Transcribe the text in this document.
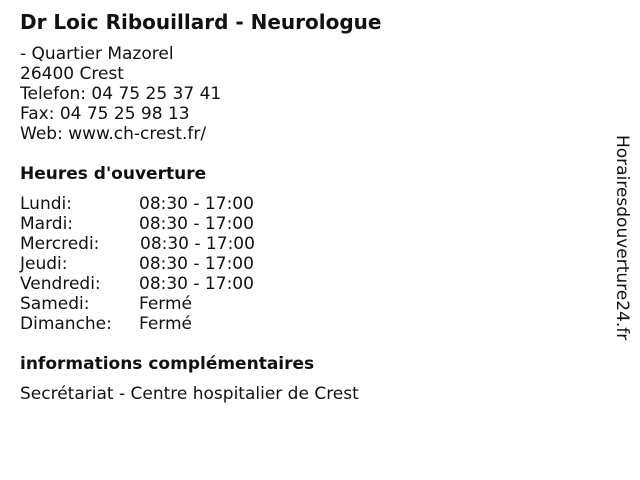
Dr Loic Ribouillard - Neurologue
- Quartier Mazorel
26400 Crest
Telefon: 04 75 25 37 41
Fax: 04 75 25 98 13
Web: www.ch-crest.fr/
Heures d'ouverture
Lundi:	08:30 - 17:00
Mardi:	08:30 - 17:00
Mercredi: 08:30 - 17:00
Jeudi:	08:30 - 17:00
Vendredi: 08:30 - 17:00
Samedi:	Fermé
Dimanche: Fermé
informations complémentaires
Secrétariat - Centre hospitalier de Crest
Horairesdouverture24.fr
